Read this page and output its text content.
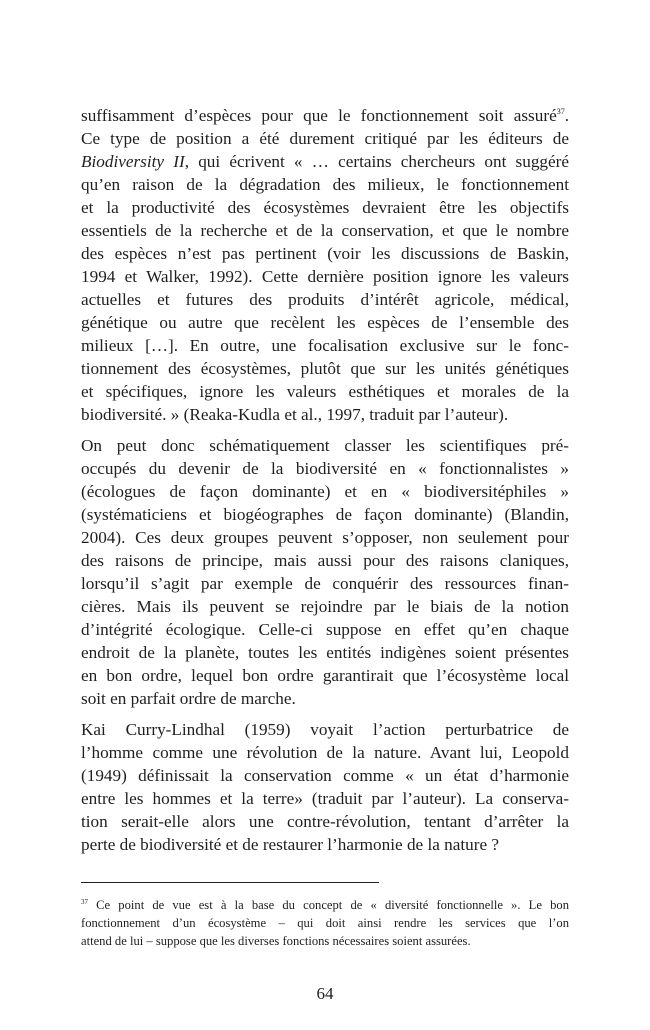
suffisamment d’espèces pour que le fonctionnement soit assuré$^{37}$.
Ce type de position a été durement critiqué par les éditeurs de
Biodiversity II, qui écrivent « … certains chercheurs ont suggéré
qu’en raison de la dégradation des milieux, le fonctionnement
et la productivité des écosystèmes devraient être les objectifs
essentiels de la recherche et de la conservation, et que le nombre
des espèces n’est pas pertinent (voir les discussions de Baskin,
1994 et Walker, 1992). Cette dernière position ignore les valeurs
actuelles et futures des produits d’intérêt agricole, médical,
génétique ou autre que recèlent les espèces de l’ensemble des
milieux […]. En outre, une focalisation exclusive sur le fonc-
tionnement des écosystèmes, plutôt que sur les unités génétiques
et spécifiques, ignore les valeurs esthétiques et morales de la
biodiversité. » (Reaka-Kudla et al., 1997, traduit par l’auteur).
On peut donc schématiquement classer les scientifiques pré-
occupés du devenir de la biodiversité en « fonctionnalistes »
(écologues de façon dominante) et en « biodiversitéphiles »
(systématiciens et biogéographes de façon dominante) (Blandin,
2004). Ces deux groupes peuvent s’opposer, non seulement pour
des raisons de principe, mais aussi pour des raisons claniques,
lorsqu’il s’agit par exemple de conquérir des ressources finan-
cières. Mais ils peuvent se rejoindre par le biais de la notion
d’intégrité écologique. Celle-ci suppose en effet qu’en chaque
endroit de la planète, toutes les entités indigènes soient présentes
en bon ordre, lequel bon ordre garantirait que l’écosystème local
soit en parfait ordre de marche.
Kai Curry-Lindhal (1959) voyait l’action perturbatrice de
l’homme comme une révolution de la nature. Avant lui, Leopold
(1949) définissait la conservation comme « un état d’harmonie
entre les hommes et la terre» (traduit par l’auteur). La conserva-
tion serait-elle alors une contre-révolution, tentant d’arrêter la
perte de biodiversité et de restaurer l’harmonie de la nature ?
$^{37}$ Ce point de vue est à la base du concept de « diversité fonctionnelle ». Le bon
fonctionnement d’un écosystème – qui doit ainsi rendre les services que l’on
attend de lui – suppose que les diverses fonctions nécessaires soient assurées.
64
